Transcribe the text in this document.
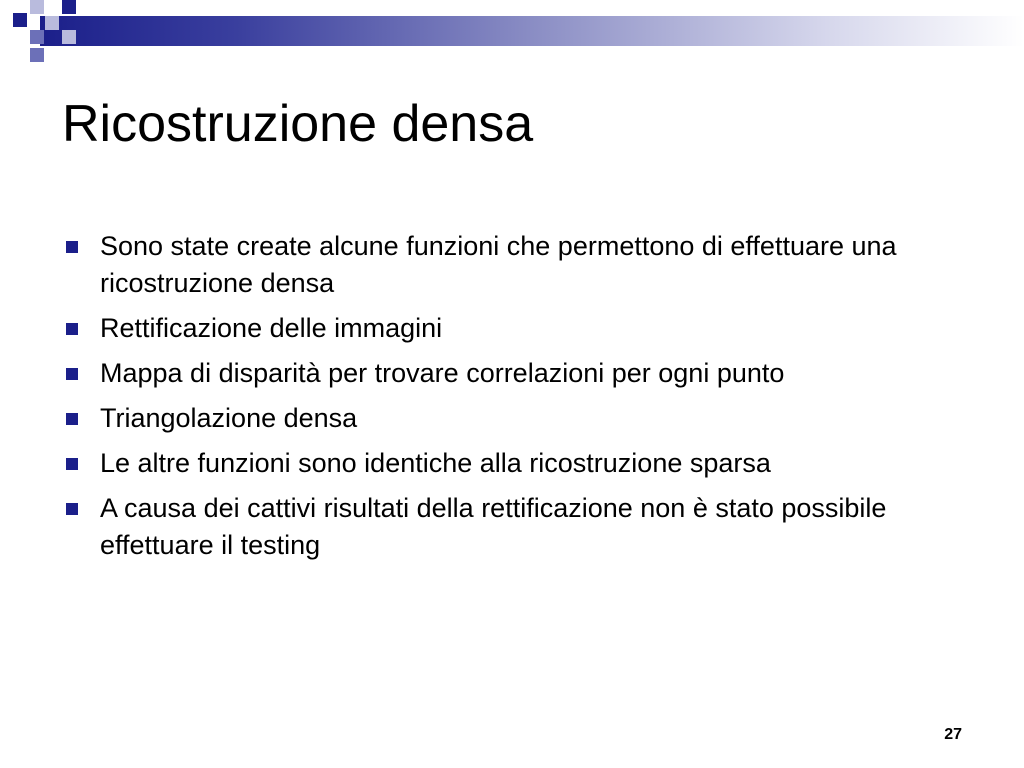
Ricostruzione densa
Sono state create alcune funzioni che permettono di effettuare una ricostruzione densa
Rettificazione delle immagini
Mappa di disparità per trovare correlazioni per ogni punto
Triangolazione densa
Le altre funzioni sono identiche alla ricostruzione sparsa
A causa dei cattivi risultati della rettificazione non è stato possibile effettuare il testing
27
